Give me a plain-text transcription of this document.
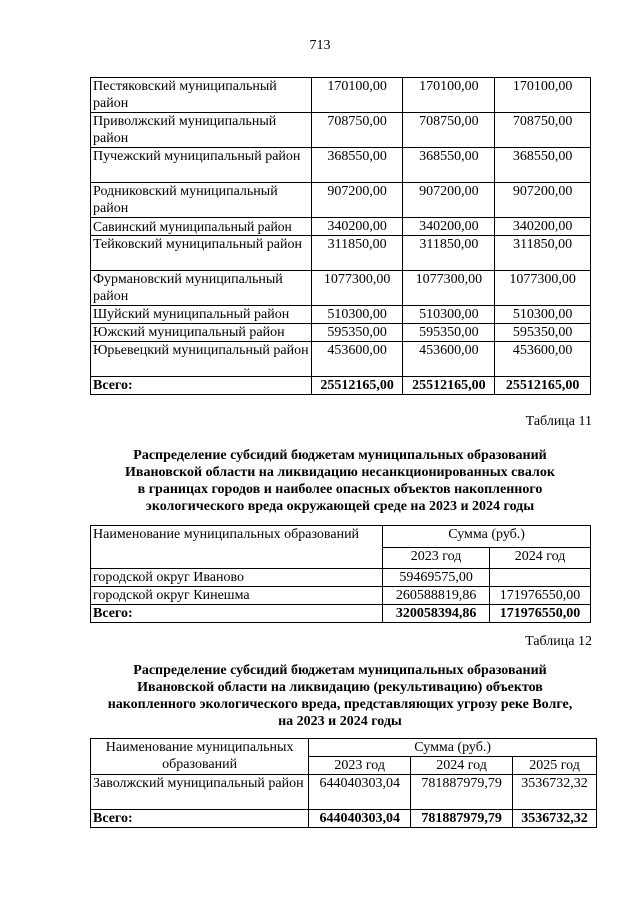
713
Пестяковский муниципальный район	170100,00	170100,00	170100,00
Приволжский муниципальный район	708750,00	708750,00	708750,00
Пучежский муниципальный район	368550,00	368550,00	368550,00
Родниковский муниципальный район	907200,00	907200,00	907200,00
Савинский муниципальный район	340200,00	340200,00	340200,00
Тейковский муниципальный район	311850,00	311850,00	311850,00
Фурмановский муниципальный район	1077300,00	1077300,00	1077300,00
Шуйский муниципальный район	510300,00	510300,00	510300,00
Южский муниципальный район	595350,00	595350,00	595350,00
Юрьевецкий муниципальный район	453600,00	453600,00	453600,00
Всего:	25512165,00	25512165,00	25512165,00
Таблица 11
Распределение субсидий бюджетам муниципальных образований
Ивановской области на ликвидацию несанкционированных свалок
в границах городов и наиболее опасных объектов накопленного
экологического вреда окружающей среде на 2023 и 2024 годы
Наименование муниципальных образований	Сумма (руб.)	
	2023 год	2024 год
городской округ Иваново	59469575,00	
городской округ Кинешма	260588819,86	171976550,00
Всего:	320058394,86	171976550,00
Таблица 12
Распределение субсидий бюджетам муниципальных образований
Ивановской области на ликвидацию (рекультивацию) объектов
накопленного экологического вреда, представляющих угрозу реке Волге,
на 2023 и 2024 годы
Наименование муниципальных образований	Сумма (руб.)		
	2023 год	2024 год	2025 год
Заволжский муниципальный район	644040303,04	781887979,79	3536732,32
Всего:	644040303,04	781887979,79	3536732,32
